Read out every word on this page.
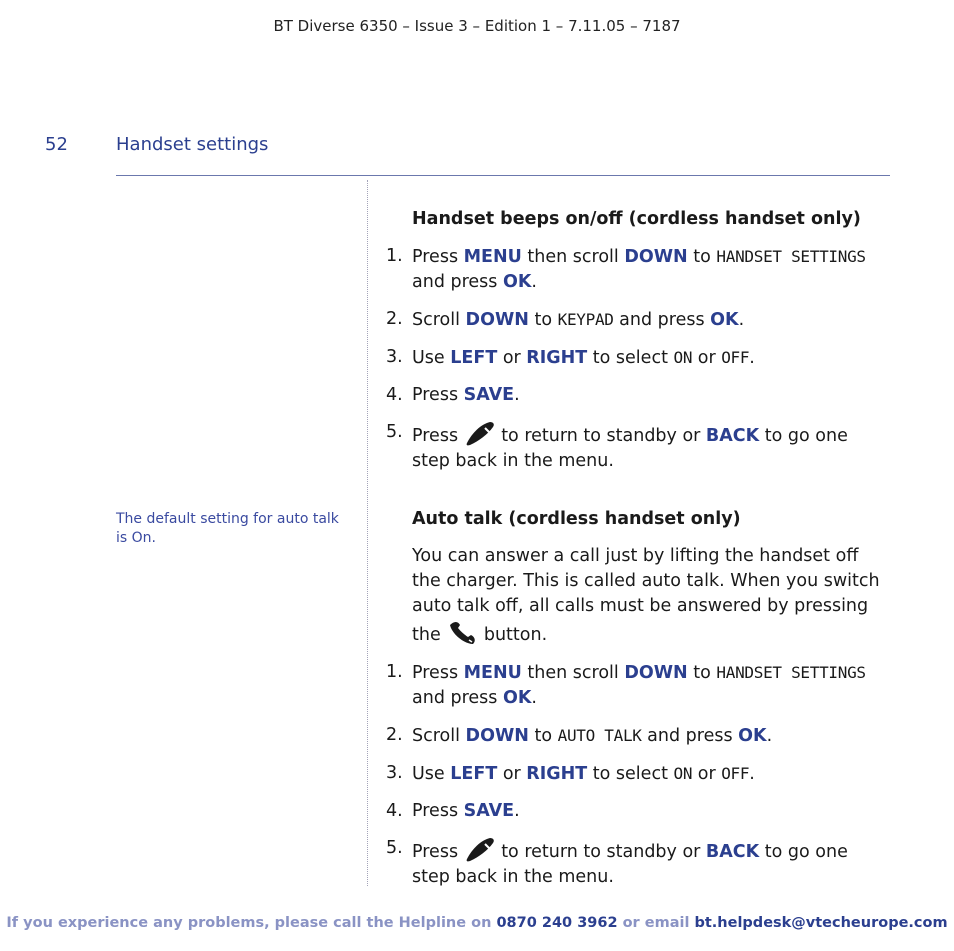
BT Diverse 6350 – Issue 3 – Edition 1 – 7.11.05 – 7187
52	Handset settings
The default setting for auto talk is On.
Handset beeps on/off (cordless handset only)
1. Press MENU then scroll DOWN to HANDSET SETTINGS and press OK.
2. Scroll DOWN to KEYPAD and press OK.
3. Use LEFT or RIGHT to select ON or OFF.
4. Press SAVE.
5. Press  to return to standby or BACK to go one step back in the menu.
Auto talk (cordless handset only)
You can answer a call just by lifting the handset off the charger. This is called auto talk. When you switch auto talk off, all calls must be answered by pressing the  button.
1. Press MENU then scroll DOWN to HANDSET SETTINGS and press OK.
2. Scroll DOWN to AUTO TALK and press OK.
3. Use LEFT or RIGHT to select ON or OFF.
4. Press SAVE.
5. Press  to return to standby or BACK to go one step back in the menu.
If you experience any problems, please call the Helpline on 0870 240 3962 or email bt.helpdesk@vtecheurope.com
